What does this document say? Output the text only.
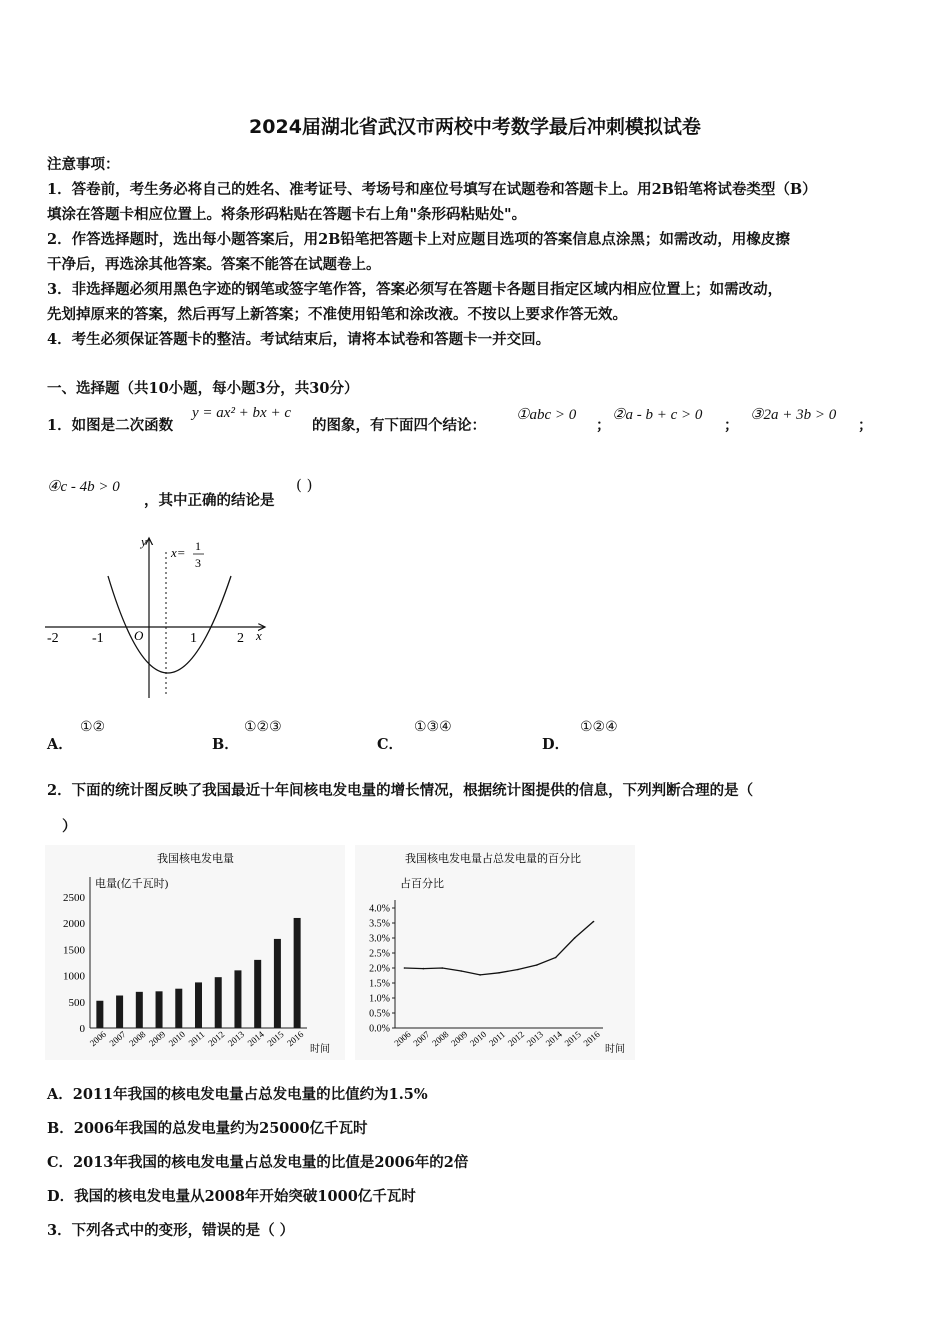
2024届湖北省武汉市两校中考数学最后冲刺模拟试卷
注意事项：
1．答卷前，考生务必将自己的姓名、准考证号、考场号和座位号填写在试题卷和答题卡上。用2B铅笔将试卷类型（B）
填涂在答题卡相应位置上。将条形码粘贴在答题卡右上角"条形码粘贴处"。
2．作答选择题时，选出每小题答案后，用2B铅笔把答题卡上对应题目选项的答案信息点涂黑；如需改动，用橡皮擦
干净后，再选涂其他答案。答案不能答在试题卷上。
3．非选择题必须用黑色字迹的钢笔或签字笔作答，答案必须写在答题卡各题目指定区域内相应位置上；如需改动，
先划掉原来的答案，然后再写上新答案；不准使用铅笔和涂改液。不按以上要求作答无效。
4．考生必须保证答题卡的整洁。考试结束后，请将本试卷和答题卡一并交回。
一、选择题（共10小题，每小题3分，共30分）
1．如图是二次函数
y = ax² + bx + c
的图象，有下面四个结论：
①abc > 0
；
②a - b + c > 0
；
③2a + 3b > 0
；
④c - 4b > 0
，其中正确的结论是
( )
y
x
O
-2 -1	1	2
x= 1
3
A．
①②
B．
①②③
C．
①③④
D．
①②④
2．下面的统计图反映了我国最近十年间核电发电量的增长情况，根据统计图提供的信息，下列判断合理的是（
）
我国核电发电量
电量(亿千瓦时)
时间
0
500
1000
1500
2000
2500
2006 2007 2008 2009 2010 2011 2012 2013 2014 2015 2016
我国核电发电量占总发电量的百分比
占百分比
时间
0.0%
0.5%
1.0%
1.5%
2.0%
2.5%
3.0%
3.5%
4.0%
2006
2007
2008
2009
2010
2011
2012
2013
2014
2015
2016
A．2011年我国的核电发电量占总发电量的比值约为1.5%
B．2006年我国的总发电量约为25000亿千瓦时
C．2013年我国的核电发电量占总发电量的比值是2006年的2倍
D．我国的核电发电量从2008年开始突破1000亿千瓦时
3．下列各式中的变形，错误的是（ ）
